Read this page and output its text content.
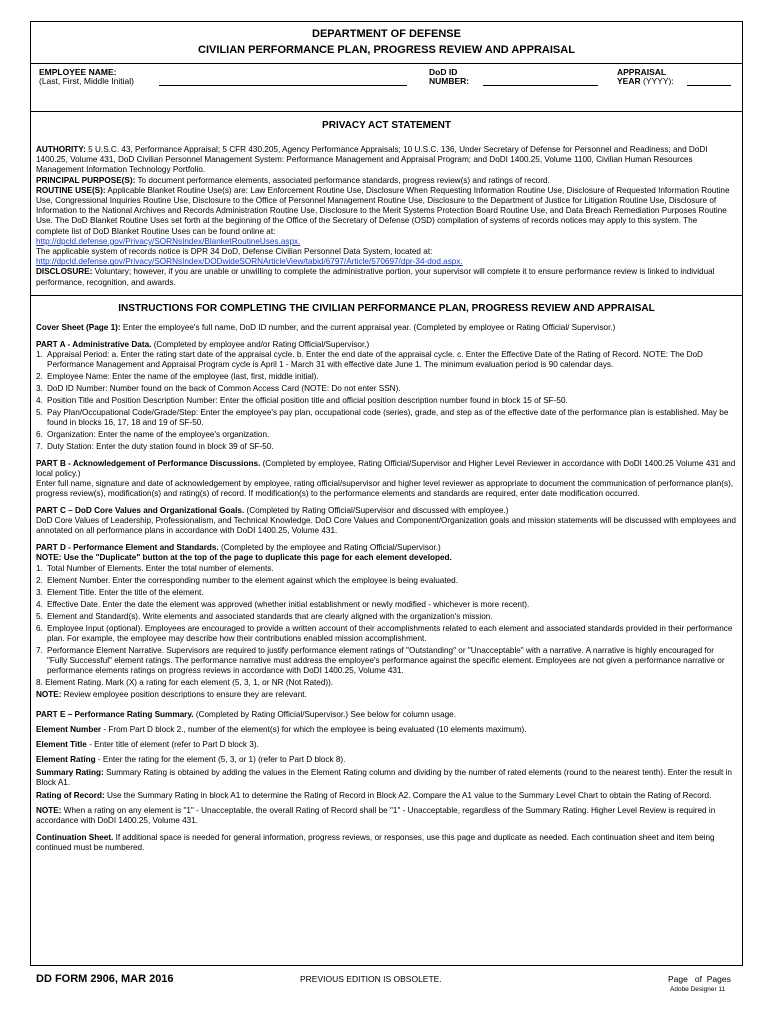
DEPARTMENT OF DEFENSE
CIVILIAN PERFORMANCE PLAN, PROGRESS REVIEW AND APPRAISAL
EMPLOYEE NAME:
(Last, First, Middle Initial)
DoD ID
NUMBER:
APPRAISAL
YEAR (YYYY):
PRIVACY ACT STATEMENT

AUTHORITY: 5 U.S.C. 43, Performance Appraisal; 5 CFR 430.205, Agency Performance Appraisals; 10 U.S.C. 136, Under Secretary of Defense for Personnel and Readiness; and DoDI 1400.25, Volume 431, DoD Civilian Personnel Management System: Performance Management and Appraisal Program; and DoDI 1400.25, Volume 1100, Civilian Human Resources Management Information Technology Portfolio.

PRINCIPAL PURPOSE(S): To document performance elements, associated performance standards, progress review(s) and ratings of record.

ROUTINE USE(S): Applicable Blanket Routine Use(s) are: Law Enforcement Routine Use, Disclosure When Requesting Information Routine Use, Disclosure of Requested Information Routine Use, Congressional Inquiries Routine Use, Disclosure to the Office of Personnel Management Routine Use, Disclosure to the Department of Justice for Litigation Routine Use, Disclosure of Information to the National Archives and Records Administration Routine Use, Disclosure to the Merit Systems Protection Board Routine Use, and Data Breach Remediation Purposes Routine Use. The DoD Blanket Routine Uses set forth at the beginning of the Office of the Secretary of Defense (OSD) compilation of systems of records notices may apply to this system. The complete list of DoD Blanket Routine Uses can be found online at:

http://dpcld.defense.gov/Privacy/SORNsIndex/BlanketRoutineUses.aspx.

The applicable system of records notice is DPR 34 DoD, Defense Civilian Personnel Data System, located at:

http://dpcld.defense.gov/Privacy/SORNsIndex/DODwideSORNArticleView/tabid/6797/Article/570697/dpr-34-dod.aspx.

DISCLOSURE: Voluntary; however, if you are unable or unwilling to complete the administrative portion, your supervisor will complete it to ensure performance review is linked to individual performance, recognition, and awards.

INSTRUCTIONS FOR COMPLETING THE CIVILIAN PERFORMANCE PLAN, PROGRESS REVIEW AND APPRAISAL

Cover Sheet (Page 1): Enter the employee's full name, DoD ID number, and the current appraisal year. (Completed by employee or Rating Official/ Supervisor.)

PART A - Administrative Data. (Completed by employee and/or Rating Official/Supervisor.)

1. Appraisal Period: a. Enter the rating start date of the appraisal cycle. b. Enter the end date of the appraisal cycle. c. Enter the Effective Date of the Rating of Record. NOTE: The DoD Performance Management and Appraisal Program cycle is April 1 - March 31 with effective date June 1. The minimum evaluation period is 90 calendar days.
2. Employee Name: Enter the name of the employee (last, first, middle initial).
3. DoD ID Number: Number found on the back of Common Access Card (NOTE: Do not enter SSN).
4. Position Title and Position Description Number: Enter the official position title and official position description number found in block 15 of SF-50.
5. Pay Plan/Occupational Code/Grade/Step: Enter the employee's pay plan, occupational code (series), grade, and step as of the effective date of the performance plan is established. May be found in blocks 16, 17, 18 and 19 of SF-50.
6. Organization: Enter the name of the employee's organization.
7. Duty Station: Enter the duty station found in block 39 of SF-50.

PART B - Acknowledgement of Performance Discussions. (Completed by employee, Rating Official/Supervisor and Higher Level Reviewer in accordance with DoDI 1400.25 Volume 431 and local policy.)

Enter full name, signature and date of acknowledgement by employee, rating official/supervisor and higher level reviewer as appropriate to document the communication of performance plan(s), progress review(s), modification(s) and rating(s) of record. If modification(s) to the performance elements and standards are required, enter date modification occurred.

PART C – DoD Core Values and Organizational Goals. (Completed by Rating Official/Supervisor and discussed with employee.)

DoD Core Values of Leadership, Professionalism, and Technical Knowledge. DoD Core Values and Component/Organization goals and mission statements will be discussed with employees and annotated on all performance plans in accordance with DoDI 1400.25, Volume 431.

PART D - Performance Element and Standards. (Completed by the employee and Rating Official/Supervisor.)

NOTE: Use the "Duplicate" button at the top of the page to duplicate this page for each element developed.

1. Total Number of Elements. Enter the total number of elements.
2. Element Number. Enter the corresponding number to the element against which the employee is being evaluated.
3. Element Title. Enter the title of the element.
4. Effective Date. Enter the date the element was approved (whether initial establishment or newly modified - whichever is more recent).
5. Element and Standard(s). Write elements and associated standards that are clearly aligned with the organization's mission.
6. Employee Input (optional). Employees are encouraged to provide a written account of their accomplishments related to each element and associated standards provided in their performance plan. For example, the employee may describe how their contributions enabled mission accomplishment.
7. Performance Element Narrative. Supervisors are required to justify performance element ratings of "Outstanding" or "Unacceptable" with a narrative. A narrative is highly encouraged for "Fully Successful" element ratings. The performance narrative must address the employee's performance against the specific element. Employees are not given a performance narrative or performance elements ratings on progress reviews in accordance with DoDI 1400.25, Volume 431.

8. Element Rating. Mark (X) a rating for each element (5, 3, 1, or NR (Not Rated)).

NOTE: Review employee position descriptions to ensure they are relevant.

PART E – Performance Rating Summary. (Completed by Rating Official/Supervisor.) See below for column usage.

Element Number - From Part D block 2., number of the element(s) for which the employee is being evaluated (10 elements maximum).

Element Title - Enter title of element (refer to Part D block 3).

Element Rating - Enter the rating for the element (5, 3, or 1) (refer to Part D block 8).

Summary Rating: Summary Rating is obtained by adding the values in the Element Rating column and dividing by the number of rated elements (round to the nearest tenth). Enter the result in Block A1.

Rating of Record: Use the Summary Rating in block A1 to determine the Rating of Record in Block A2. Compare the A1 value to the Summary Level Chart to obtain the Rating of Record.

NOTE: When a rating on any element is "1" - Unacceptable, the overall Rating of Record shall be "1" - Unacceptable, regardless of the Summary Rating. Higher Level Review is required in accordance with DoDI 1400.25, Volume 431.

Continuation Sheet. If additional space is needed for general information, progress reviews, or responses, use this page and duplicate as needed. Each continuation sheet and item being continued must be numbered.

DD FORM 2906, MAR 2016	PREVIOUS EDITION IS OBSOLETE.	Page   of  Pages
Adobe Designer 11
